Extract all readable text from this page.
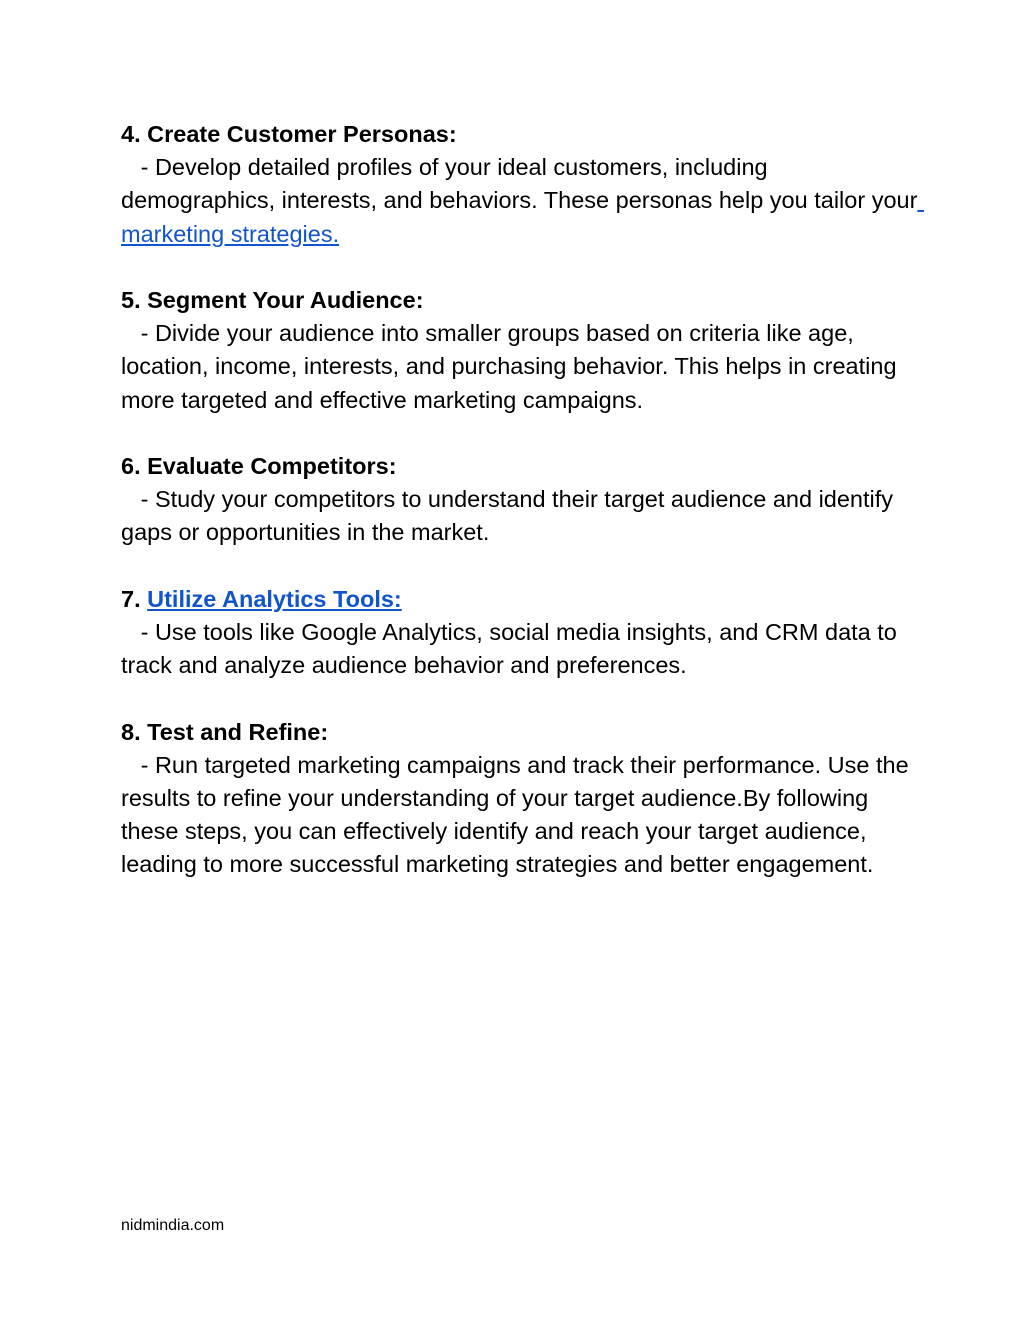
4. Create Customer Personas:
- Develop detailed profiles of your ideal customers, including demographics, interests, and behaviors. These personas help you tailor your marketing strategies.
5. Segment Your Audience:
- Divide your audience into smaller groups based on criteria like age, location, income, interests, and purchasing behavior. This helps in creating more targeted and effective marketing campaigns.
6. Evaluate Competitors:
- Study your competitors to understand their target audience and identify gaps or opportunities in the market.
7. Utilize Analytics Tools:
- Use tools like Google Analytics, social media insights, and CRM data to track and analyze audience behavior and preferences.
8. Test and Refine:
- Run targeted marketing campaigns and track their performance. Use the results to refine your understanding of your target audience.By following these steps, you can effectively identify and reach your target audience, leading to more successful marketing strategies and better engagement.
nidmindia.com
